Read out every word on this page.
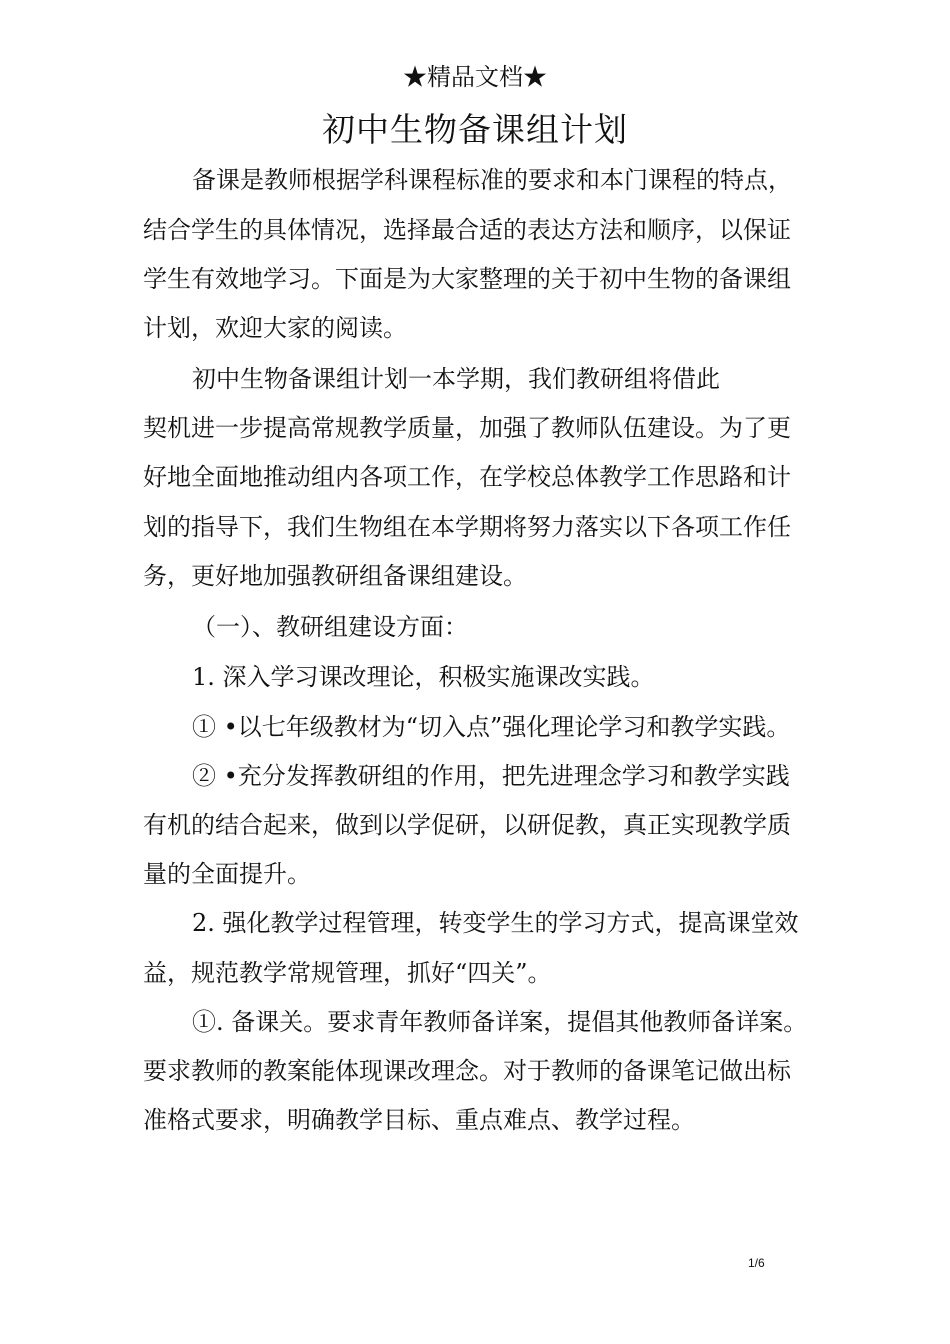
★精品文档★
初中生物备课组计划
备课是教师根据学科课程标准的要求和本门课程的特点，
结合学生的具体情况，选择最合适的表达方法和顺序，以保证
学生有效地学习。下面是为大家整理的关于初中生物的备课组
计划，欢迎大家的阅读。
初中生物备课组计划一本学期，我们教研组将借此
契机进一步提高常规教学质量，加强了教师队伍建设。为了更
好地全面地推动组内各项工作，在学校总体教学工作思路和计
划的指导下，我们生物组在本学期将努力落实以下各项工作任
务，更好地加强教研组备课组建设。
（一）、教研组建设方面：
1. 深入学习课改理论，积极实施课改实践。
① •以七年级教材为“切入点”强化理论学习和教学实践。
② •充分发挥教研组的作用，把先进理念学习和教学实践
有机的结合起来，做到以学促研，以研促教，真正实现教学质
量的全面提升。
2. 强化教学过程管理，转变学生的学习方式，提高课堂效
益，规范教学常规管理，抓好“四关”。
①. 备课关。要求青年教师备详案，提倡其他教师备详案。
要求教师的教案能体现课改理念。对于教师的备课笔记做出标
准格式要求，明确教学目标、重点难点、教学过程。
1/6
